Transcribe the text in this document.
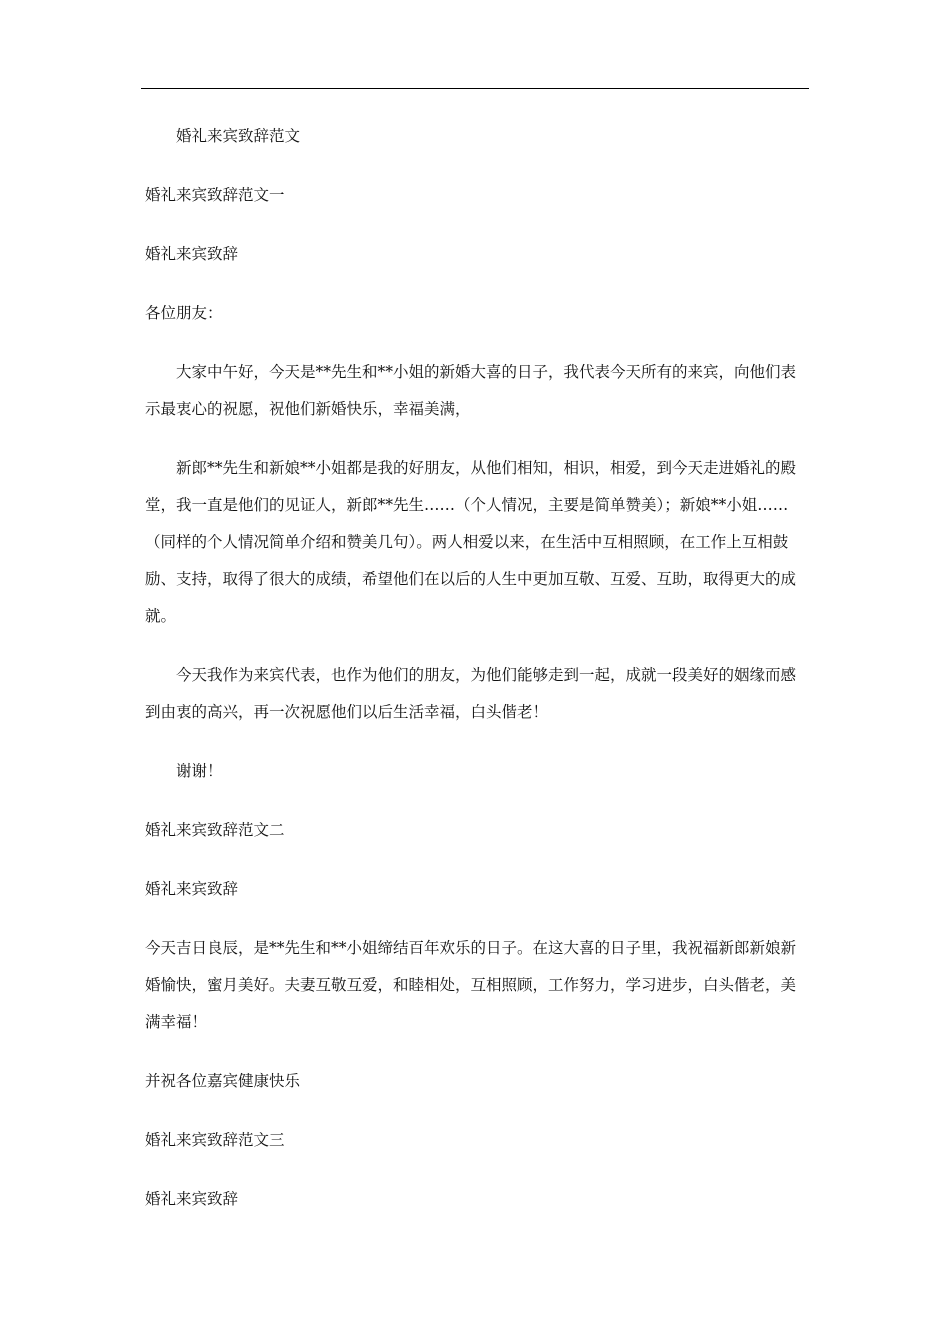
婚礼来宾致辞范文

婚礼来宾致辞范文一

婚礼来宾致辞

各位朋友：

大家中午好，今天是**先生和**小姐的新婚大喜的日子，我代表今天所有的来宾，向他们表示最衷心的祝愿，祝他们新婚快乐，幸福美满，

新郎**先生和新娘**小姐都是我的好朋友，从他们相知，相识，相爱，到今天走进婚礼的殿堂，我一直是他们的见证人，新郎**先生……（个人情况，主要是简单赞美）；新娘**小姐……（同样的个人情况简单介绍和赞美几句）。两人相爱以来，在生活中互相照顾，在工作上互相鼓励、支持，取得了很大的成绩，希望他们在以后的人生中更加互敬、互爱、互助，取得更大的成就。

今天我作为来宾代表，也作为他们的朋友，为他们能够走到一起，成就一段美好的姻缘而感到由衷的高兴，再一次祝愿他们以后生活幸福，白头偕老！

谢谢！

婚礼来宾致辞范文二

婚礼来宾致辞

今天吉日良辰，是**先生和**小姐缔结百年欢乐的日子。在这大喜的日子里，我祝福新郎新娘新婚愉快，蜜月美好。夫妻互敬互爱，和睦相处，互相照顾，工作努力，学习进步，白头偕老，美满幸福！

并祝各位嘉宾健康快乐

婚礼来宾致辞范文三

婚礼来宾致辞
